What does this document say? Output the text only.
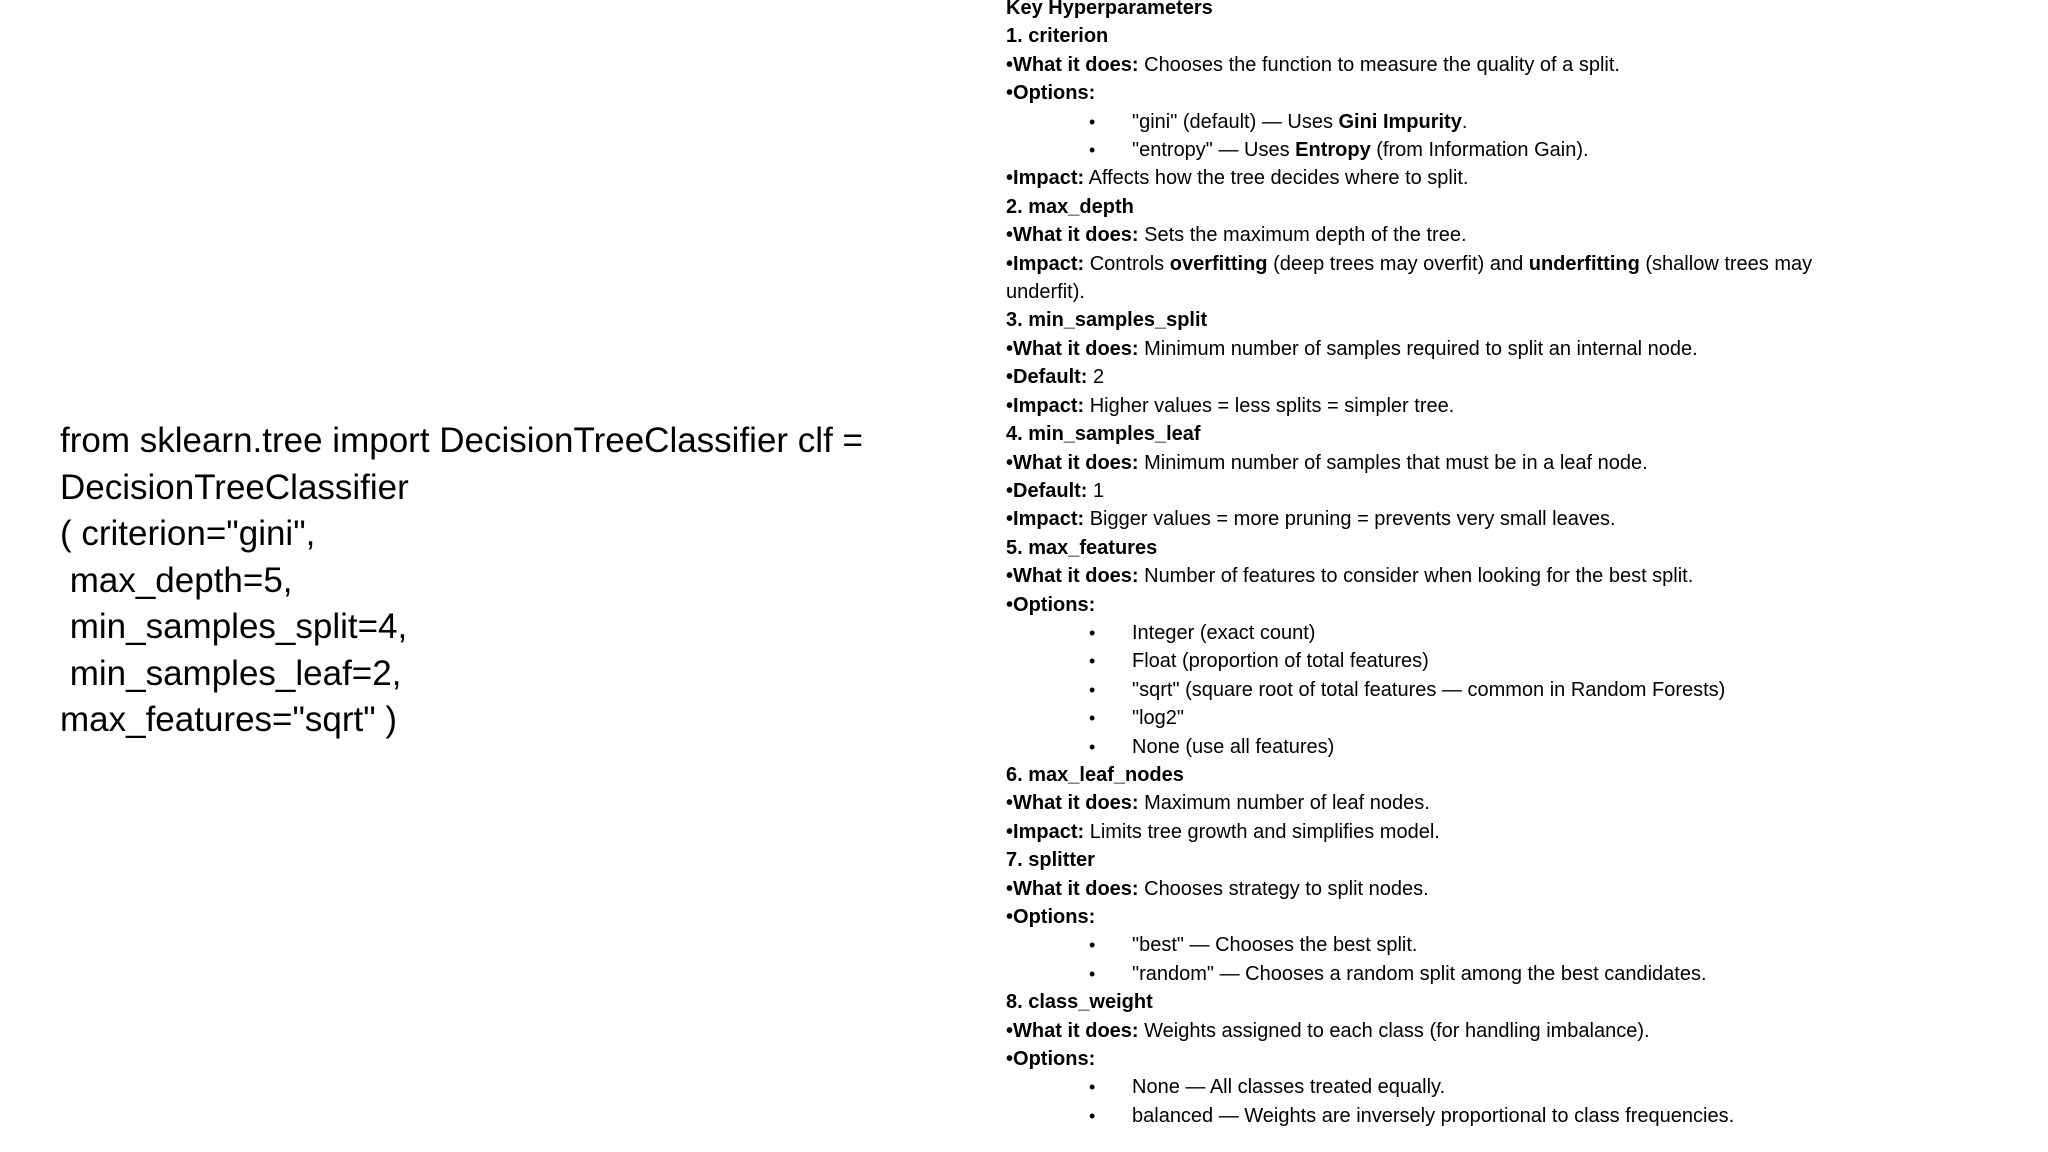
from sklearn.tree import DecisionTreeClassifier clf =
DecisionTreeClassifier
( criterion="gini",
max_depth=5,
min_samples_split=4,
min_samples_leaf=2,
max_features="sqrt" )
Key Hyperparameters
1. criterion
•What it does: Chooses the function to measure the quality of a split.
•Options:
• "gini" (default) — Uses Gini Impurity.
• "entropy" — Uses Entropy (from Information Gain).
•Impact: Affects how the tree decides where to split.
2. max_depth
•What it does: Sets the maximum depth of the tree.
•Impact: Controls overfitting (deep trees may overfit) and underfitting (shallow trees may underfit).
3. min_samples_split
•What it does: Minimum number of samples required to split an internal node.
•Default: 2
•Impact: Higher values = less splits = simpler tree.
4. min_samples_leaf
•What it does: Minimum number of samples that must be in a leaf node.
•Default: 1
•Impact: Bigger values = more pruning = prevents very small leaves.
5. max_features
•What it does: Number of features to consider when looking for the best split.
•Options:
• Integer (exact count)
• Float (proportion of total features)
• "sqrt" (square root of total features — common in Random Forests)
• "log2"
• None (use all features)
6. max_leaf_nodes
•What it does: Maximum number of leaf nodes.
•Impact: Limits tree growth and simplifies model.
7. splitter
•What it does: Chooses strategy to split nodes.
•Options:
• "best" — Chooses the best split.
• "random" — Chooses a random split among the best candidates.
8. class_weight
•What it does: Weights assigned to each class (for handling imbalance).
•Options:
• None — All classes treated equally.
• balanced — Weights are inversely proportional to class frequencies.
